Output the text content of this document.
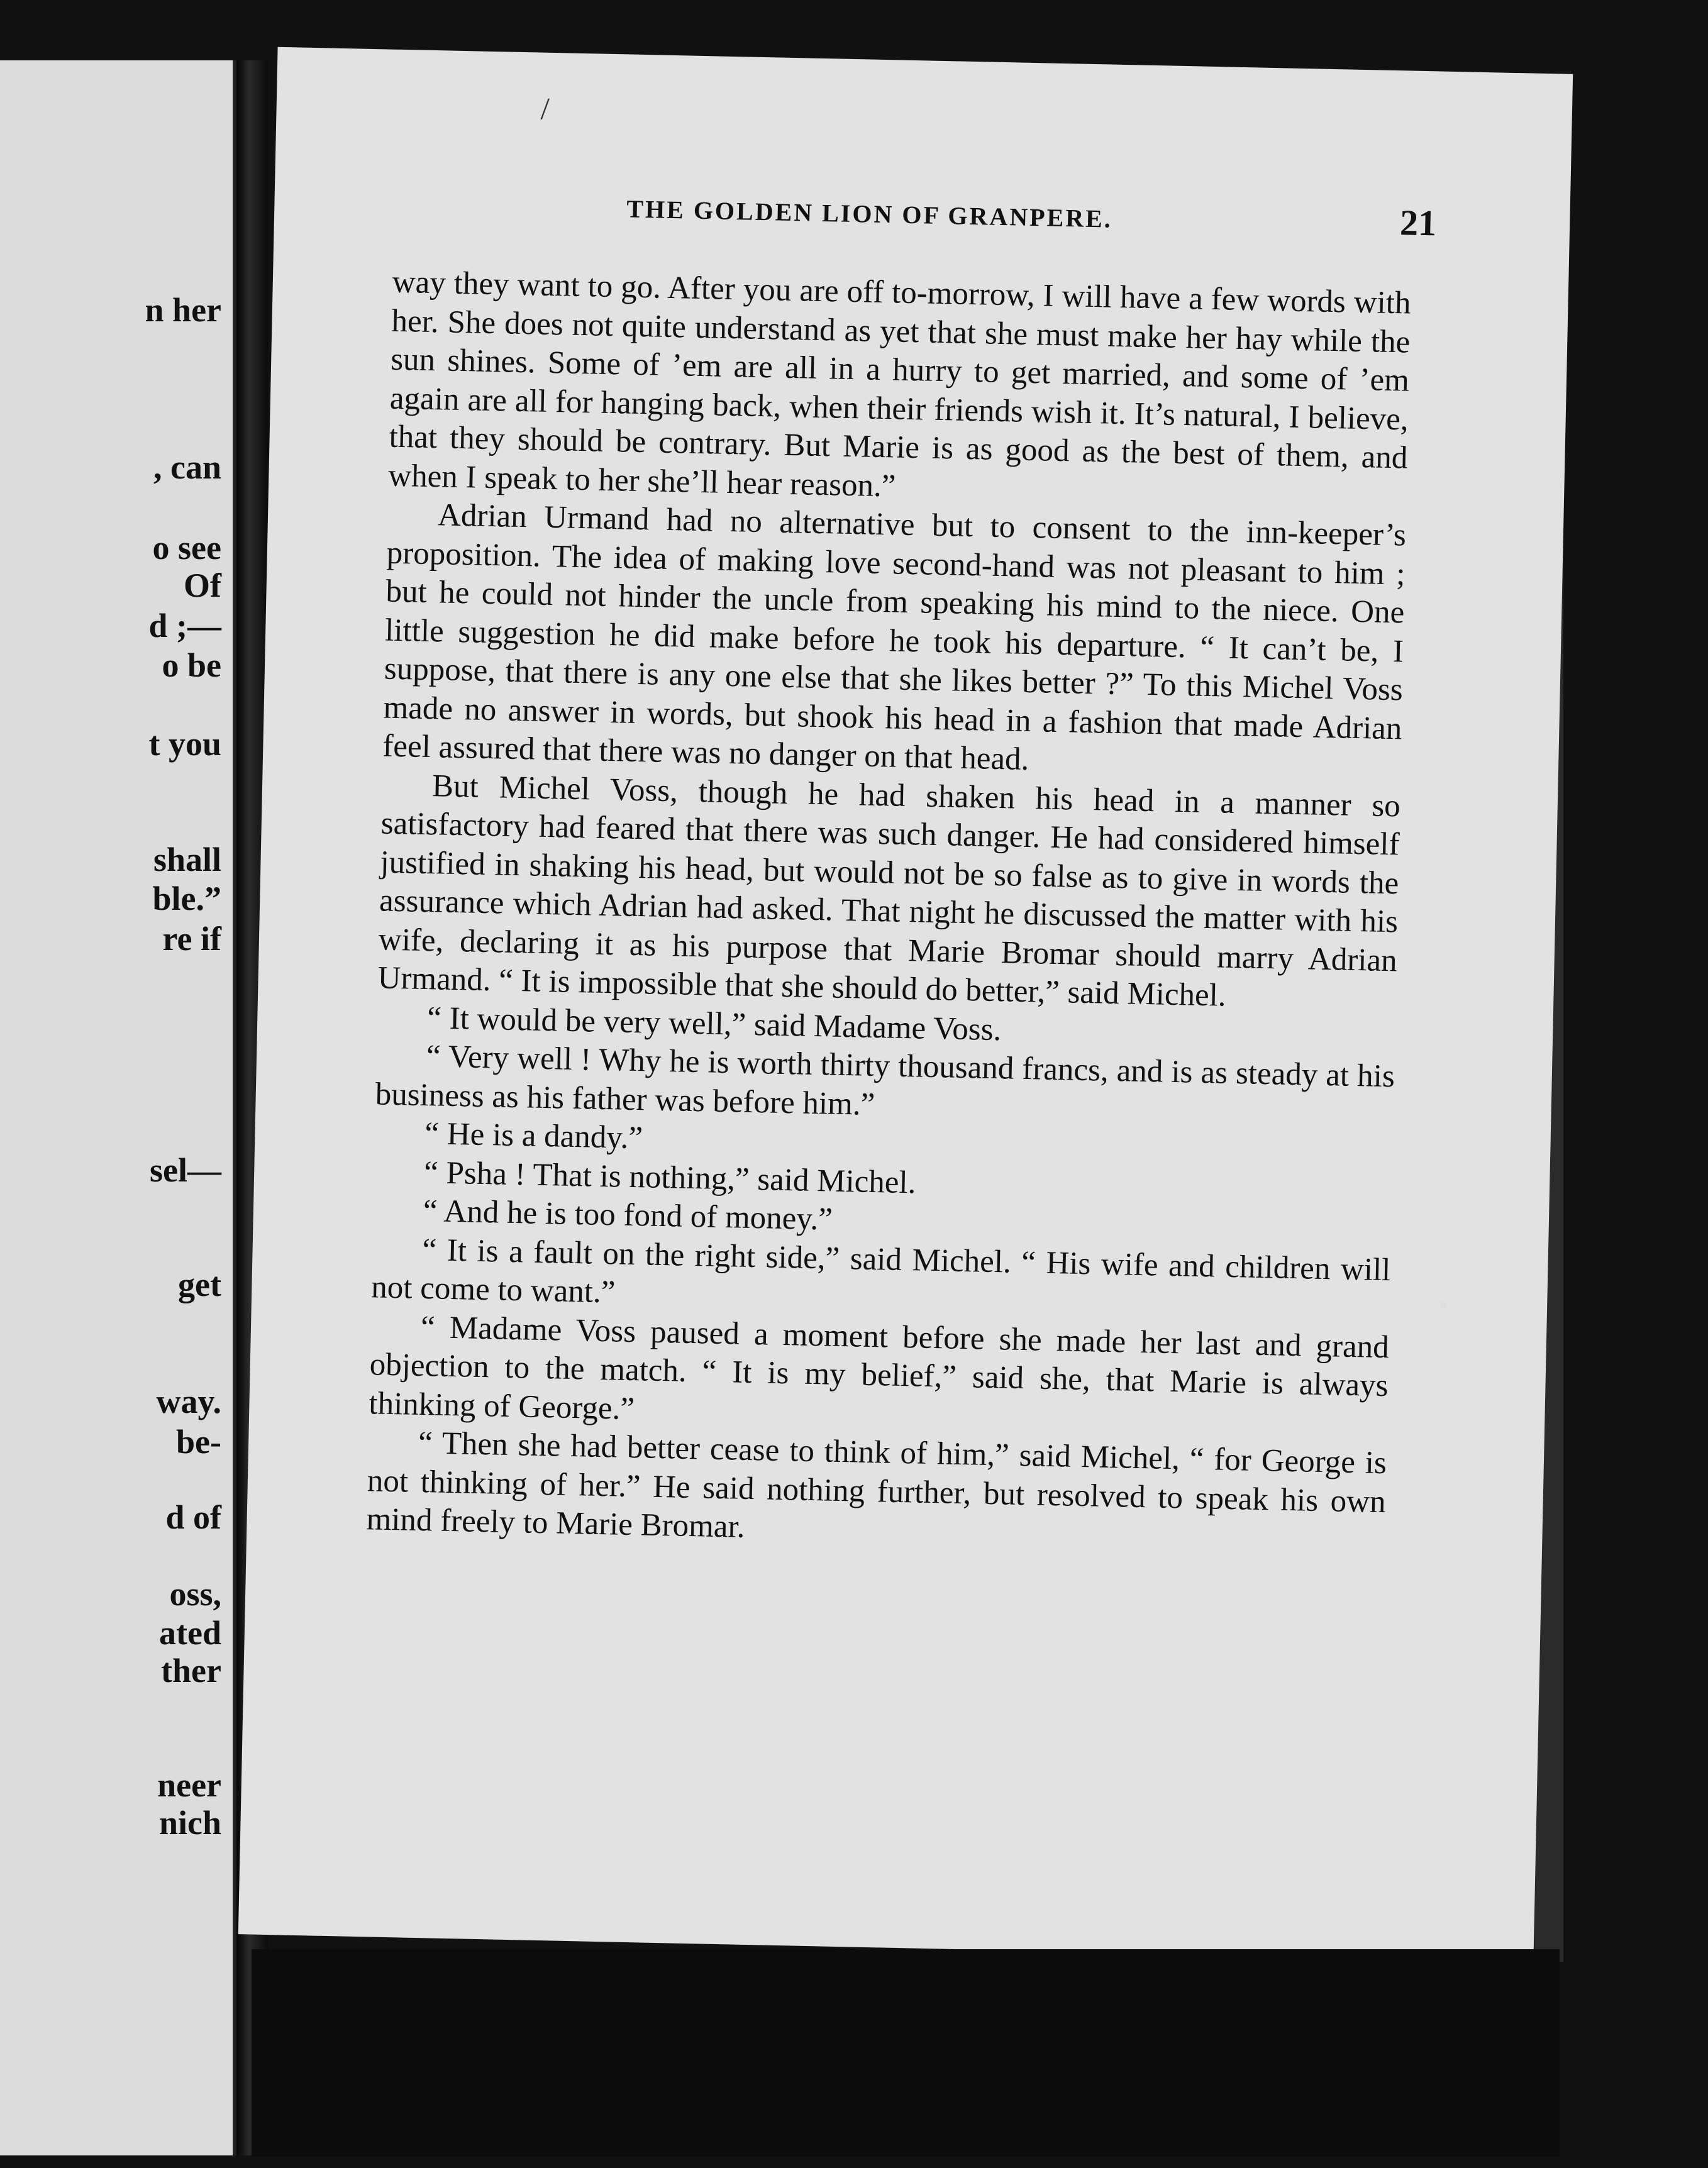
n her

, can

o see

Of

d ;—

o be

t you

shall

ble.”

re if

sel—

get

way.

be-

d of

oss,

ated

ther

neer

nich

/

THE GOLDEN LION OF GRANPERE.	21

way they want to go. After you are off to-morrow, I will have a few words with her. She does not quite understand as yet that she must make her hay while the sun shines. Some of ’em are all in a hurry to get married, and some of ’em again are all for hanging back, when their friends wish it. It’s natural, I believe, that they should be contrary. But Marie is as good as the best of them, and when I speak to her she’ll hear reason.”

Adrian Urmand had no alternative but to consent to the inn-keeper’s proposition. The idea of making love second-hand was not pleasant to him ; but he could not hinder the uncle from speaking his mind to the niece. One little suggestion he did make before he took his departure. “ It can’t be, I suppose, that there is any one else that she likes better ?” To this Michel Voss made no answer in words, but shook his head in a fashion that made Adrian feel assured that there was no danger on that head.

But Michel Voss, though he had shaken his head in a manner so satisfactory had feared that there was such danger. He had considered himself justified in shaking his head, but would not be so false as to give in words the assurance which Adrian had asked. That night he discussed the matter with his wife, declaring it as his purpose that Marie Bromar should marry Adrian Urmand. “ It is impossible that she should do better,” said Michel.

“ It would be very well,” said Madame Voss.

“ Very well ! Why he is worth thirty thousand francs, and is as steady at his business as his father was before him.”

“ He is a dandy.”

“ Psha ! That is nothing,” said Michel.

“ And he is too fond of money.”

“ It is a fault on the right side,” said Michel. “ His wife and children will not come to want.”

“ Madame Voss paused a moment before she made her last and grand objection to the match. “ It is my belief,” said she, that Marie is always thinking of George.”

“ Then she had better cease to think of him,” said Michel, “ for George is not thinking of her.” He said nothing further, but resolved to speak his own mind freely to Marie Bromar.
